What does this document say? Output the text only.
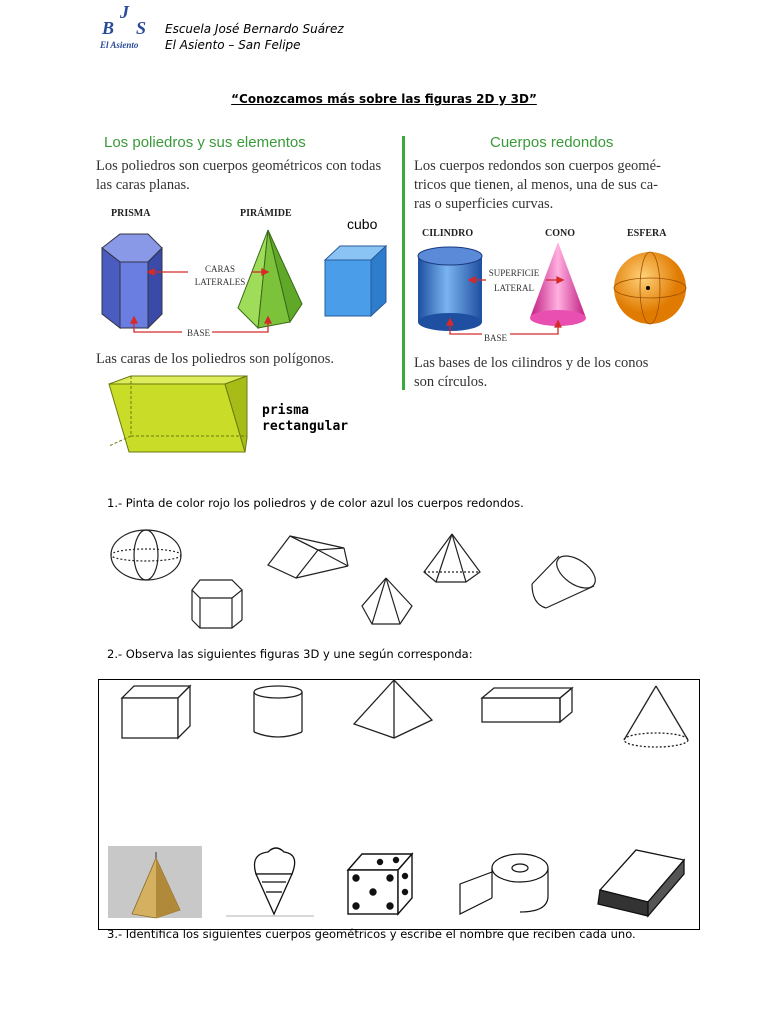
J
B S
El Asiento
Escuela José Bernardo Suárez
El Asiento – San Felipe
“Conozcamos más sobre las figuras 2D y 3D”
Los poliedros y sus elementos
Los poliedros son cuerpos geométricos con todas
las caras planas.
PRISMA	PIRÁMIDE
cubo
CARAS
LATERALES
BASE
Las caras de los poliedros son polígonos.
prisma
rectangular
Cuerpos redondos
Los cuerpos redondos son cuerpos geomé-
tricos que tienen, al menos, una de sus ca-
ras o superficies curvas.
CILINDRO	CONO	ESFERA
SUPERFICIE
LATERAL
BASE
Las bases de los cilindros y de los conos
son círculos.
1.- Pinta de color rojo los poliedros y de color azul los cuerpos redondos.
2.- Observa las siguientes figuras 3D y une según corresponda:
3.- Identifica los siguientes cuerpos geométricos y escribe el nombre que reciben cada uno.
